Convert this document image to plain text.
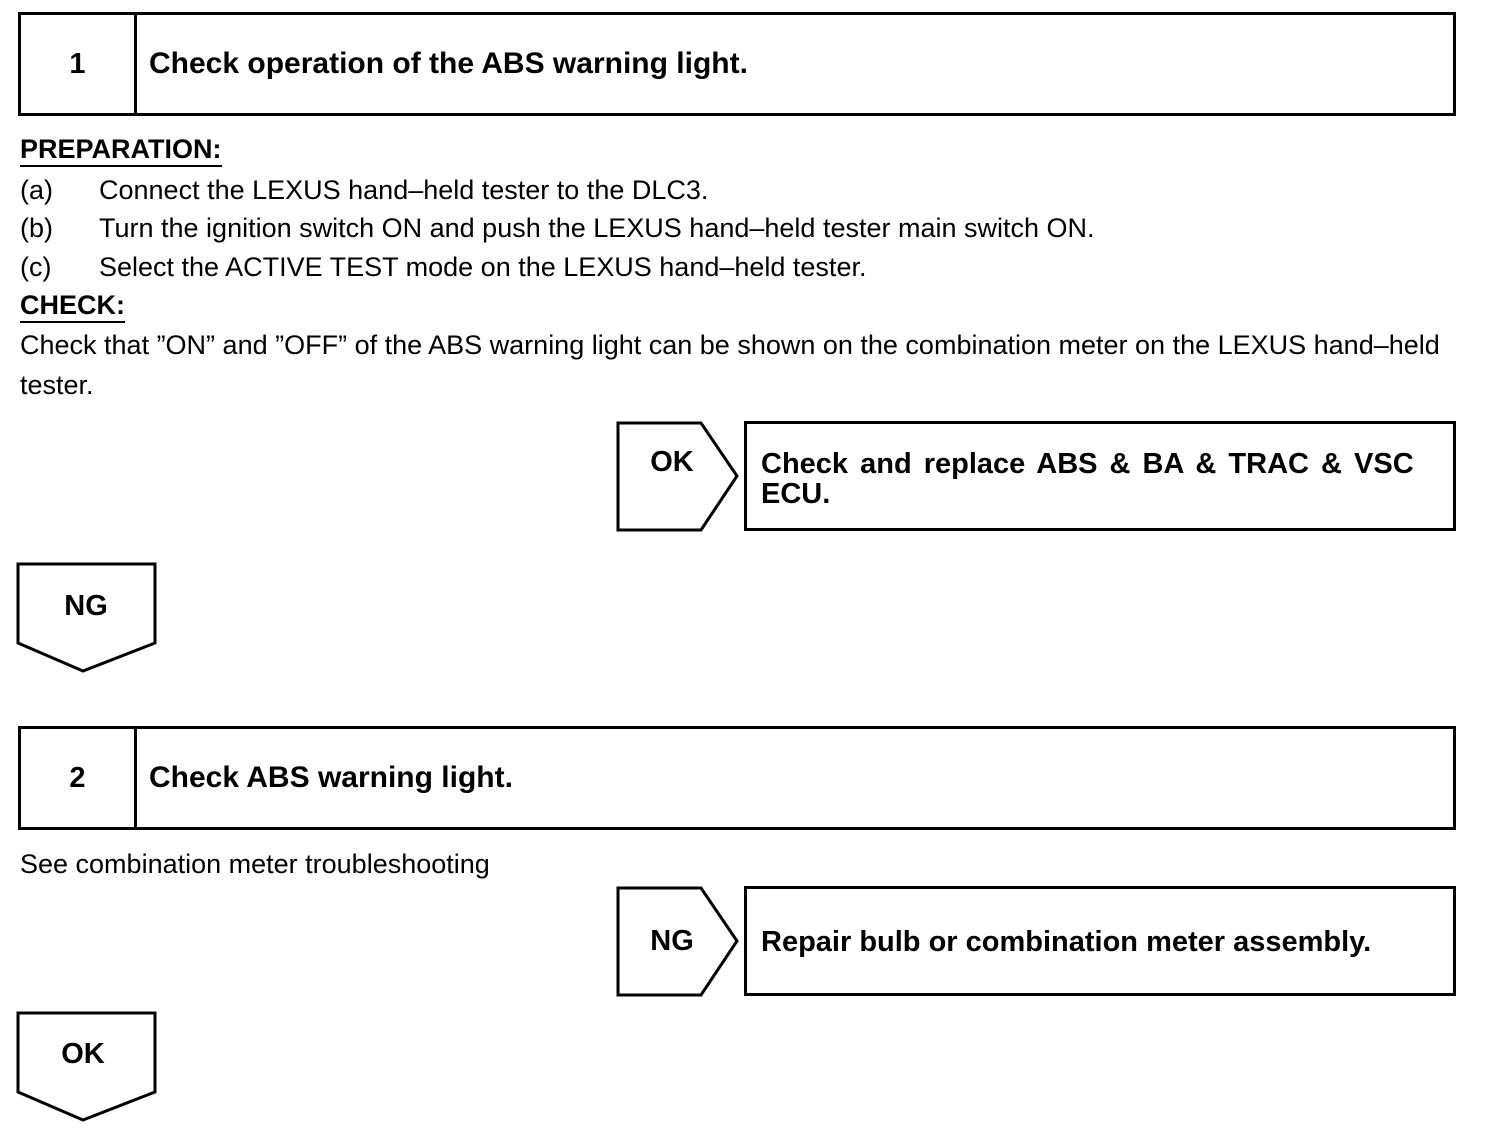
1	Check operation of the ABS warning light.
PREPARATION:
(a) Connect the LEXUS hand–held tester to the DLC3.
(b) Turn the ignition switch ON and push the LEXUS hand–held tester main switch ON.
(c) Select the ACTIVE TEST mode on the LEXUS hand–held tester.
CHECK:
Check that ”ON” and ”OFF” of the ABS warning light can be shown on the combination meter on the LEXUS hand–held tester.
OK	Check and replace ABS & BA & TRAC & VSC ECU.
NG
2	Check ABS warning light.
See combination meter troubleshooting
NG	Repair bulb or combination meter assembly.
OK
